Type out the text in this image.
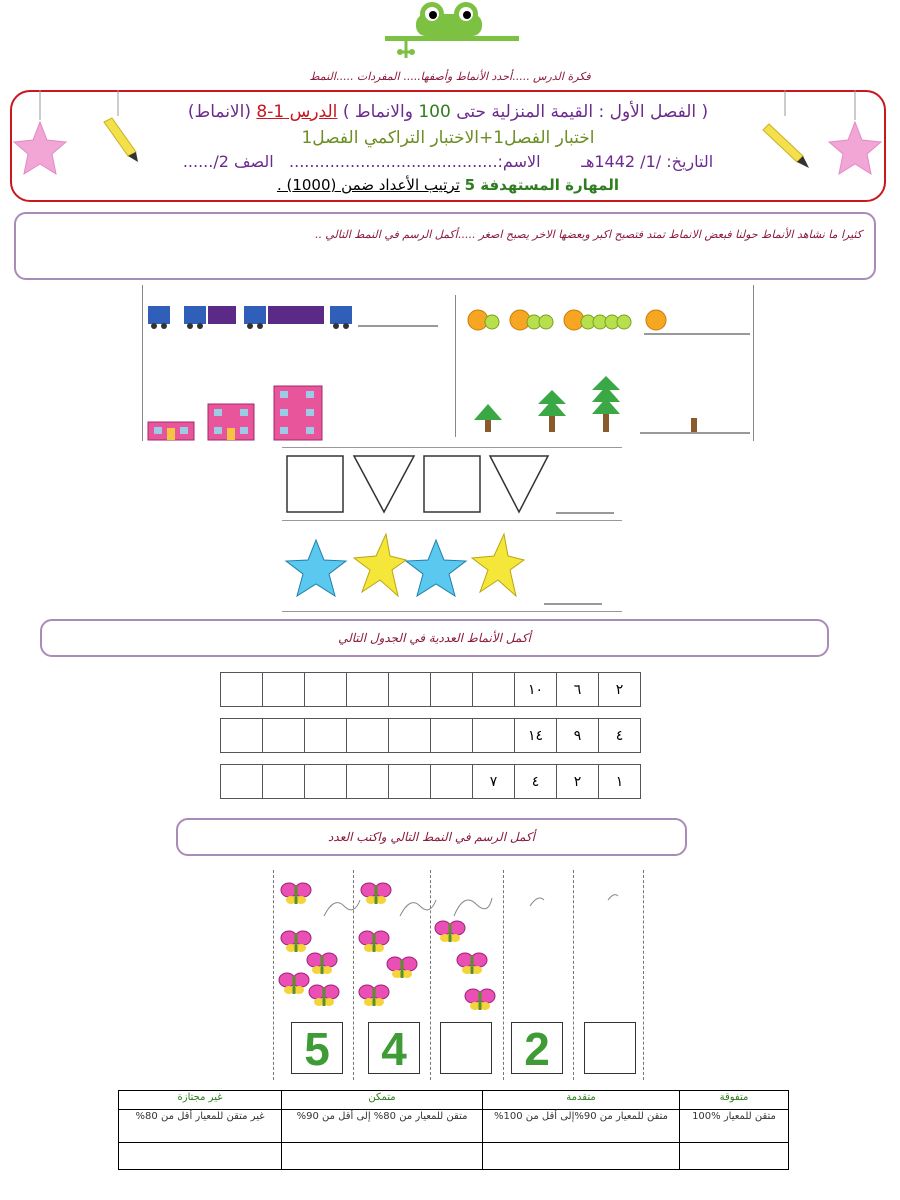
فكرة الدرس .....أحدد الأنماط وأصفها..... المفردات .....النمط
( الفصل الأول : القيمة المنزلية حتى 100 والانماط ) الدرس 1-8 (الانماط)
اختبار الفصل1+الاختبار التراكمي الفصل1
التاريخ: /1/ 1442هـ        الاسم:.........................................   الصف 2/......
المهارة المستهدفة 5 ترتيب الأعداد ضمن (1000) .
كثيرا ما نشاهد الأنماط حولنا فبعض الانماط تمتد فتصبح اكبر وبعضها الاخر يصبح اصغر .....أكمل الرسم في النمط التالي ..
أكمل الأنماط العددية في الجدول التالي
٢	٦	١٠							
٤	٩	١٤							
١	٢	٤	٧						
أكمل الرسم في النمط التالي واكتب العدد
5 4	2
متفوقة	متقدمة	متمكن	غير مجتازة
متقن للمعيار %100	متقن للمعيار من 90%إلى أقل من 100%	متقن للمعيار من 80% إلى أقل من 90%	غير متقن للمعيار أقل من 80%
